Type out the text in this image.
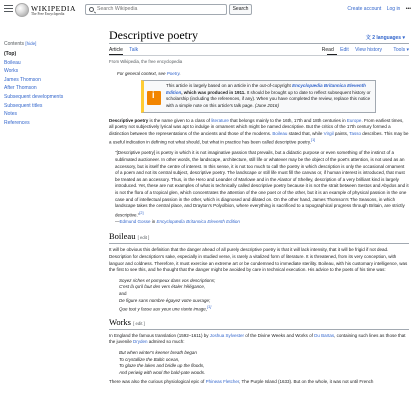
WIKIPEDIA
The Free Encyclopedia
Search Wikipedia
Search	Create account Log in •••
Contents [hide]
(Top)
Boileau
Works
James Thomson
After Thomson
Subsequent developments
Subsequent titles
Notes
References
Descriptive poetry	文 2 languages ▾
Article Talk	Read Edit View history Tools ▾
From Wikipedia, the free encyclopedia
For general context, see Poetry.
i
This article is largely based on an article in the out-of-copyright Encyclopædia Britannica Eleventh Edition, which was produced in 1911. It should be brought up to date to reflect subsequent history or scholarship (including the references, if any). When you have completed the review, replace this notice with a simple note on this article's talk page. (June 2016)

Descriptive poetry is the name given to a class of literature that belongs mainly to the 16th, 17th and 18th centuries in Europe. From earliest times, all poetry not subjectively lyrical was apt to indulge in ornament which might be named descriptive. But the critics of the 17th century formed a distinction between the representations of the ancients and those of the moderns. Boileau stated that, while Virgil paints, Tasso describes. This may be a useful indication in defining not what should, but what in practice has been called descriptive poetry.[1]

"[Descriptive poetry] is poetry in which it is not imaginative passion that prevails, but a didactic purpose or even something of the instinct of a sublimated auctioneer. In other words, the landscape, architecture, still life or whatever may be the object of the poet's attention, is not used as an accessory, but is itself the centre of interest. In this sense, it is not too much to call the poetry in which description is only the occasional ornament of a poem and not its central subject, descriptive poetry. The landscape or still life must fill the canvas or, if human interest is introduced, that must be treated as an accessory. Thus, in the Hero and Leander of Marlowe and in the Alastor of Shelley, description of a very brilliant kind is largely introduced. Yet, these are not examples of what is technically called descriptive poetry because it is not the strait between Sestos and Abydos and it is not the flora of a tropical glen, which concentrates the attention of the one poet or of the other, but it is an example of physical passion in the one case and of intellectual passion in the other, which is diagnosed and dilated on. On the other hand, James Thomson's The Seasons, in which landscape takes the central place, and Drayton's Polyolbion, where everything is sacrificed to a topographical progress through Britain, are strictly descriptive."[2]
—Edmund Gosse in Encyclopædia Britannica Eleventh Edition
Boileau [ edit ]

It will be obvious this definition that the danger ahead of all purely descriptive poetry is that it will lack intensity, that it will be frigid if not dead. Description for description's sake, especially in studied verse, is rarely a vitalized form of literature. It is threatened, from its very conception, with languor and coldness. Therefore, it must exercise an extreme art or be condemned to immediate sterility. Boileau, with his customary intelligence, was the first to see this, and he thought that the danger might be avoided by care in technical execution. His advice to the poets of his time was:

Soyez riches et pompeux dans vos descriptions;
C'est là qu'il faut des vers étaler l'élégance,
and
De figure sans nombre égayez votre ouvrage;
Que tout y fasse aux yeux une riante image,[1]
Works [ edit ]

In England the famous translation (1592–1611) by Joshua Sylvester of the Divine Weeks and Works of Du Bartas, containing such lines as those that the juvenile Dryden admired so much:

But when winter's keener breath began
To crystallize the Baltic ocean,
To glaze the lakes and bridle up the floods,
And periwig with wool the bald-pate woods.

There was also the curious physiological epic of Phineas Fletcher, The Purple Island (1633). But on the whole, it was not until French
